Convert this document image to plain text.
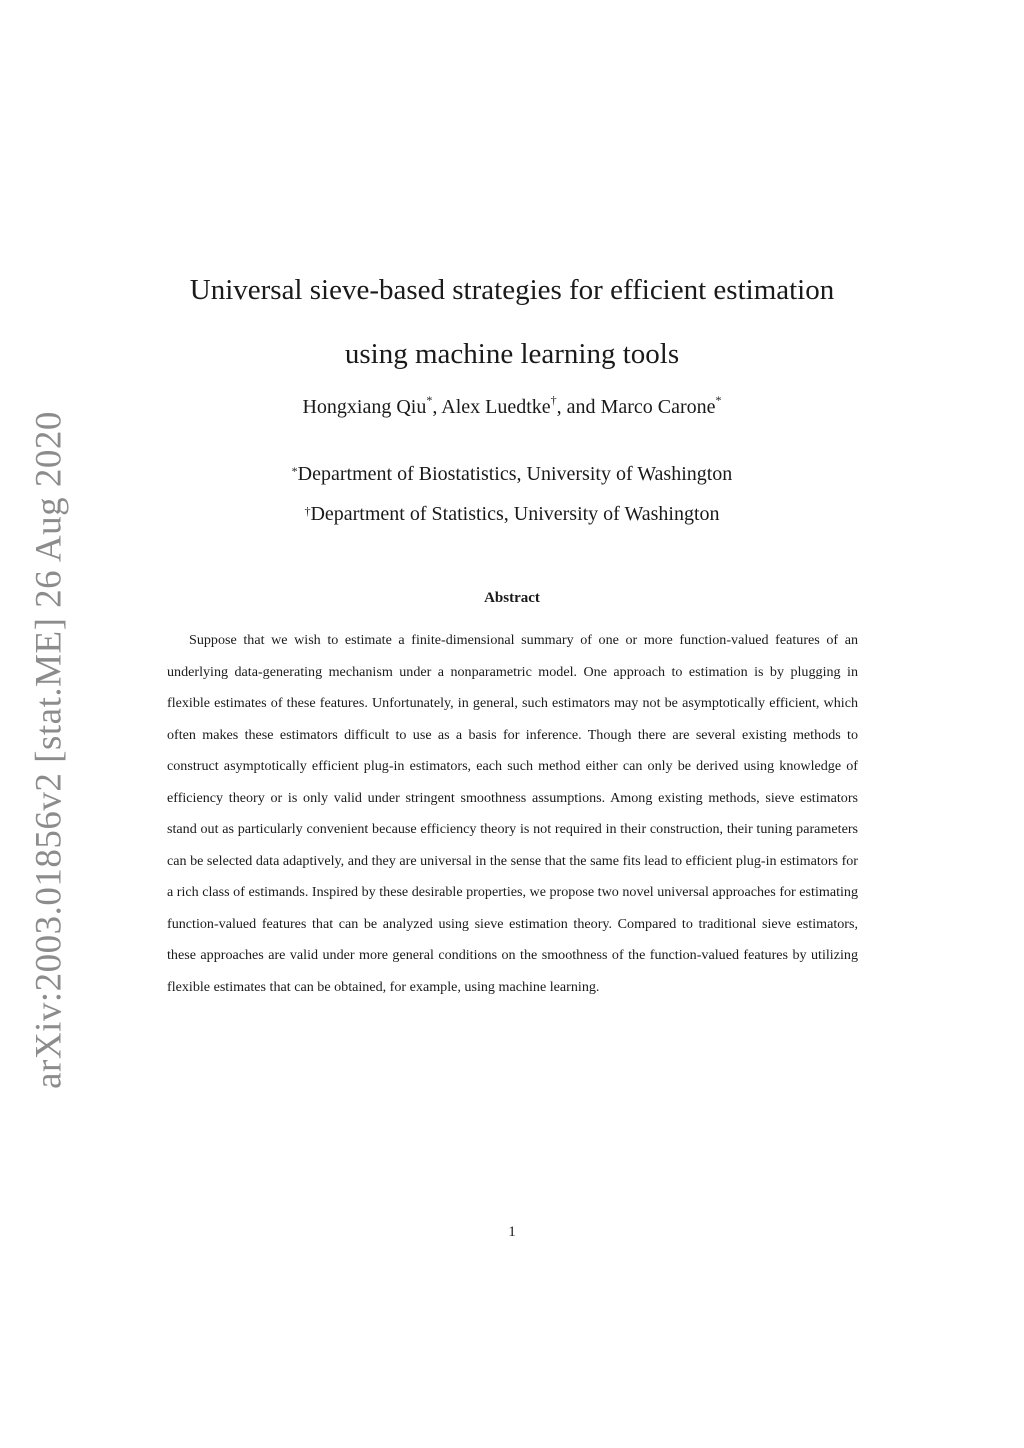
arXiv:2003.01856v2 [stat.ME] 26 Aug 2020
Universal sieve-based strategies for efficient estimation
using machine learning tools
Hongxiang Qiu*, Alex Luedtke†, and Marco Carone*
*Department of Biostatistics, University of Washington
†Department of Statistics, University of Washington
Abstract

Suppose that we wish to estimate a finite-dimensional summary of one or more function-valued features of an underlying data-generating mechanism under a nonparametric model. One approach to estimation is by plugging in flexible estimates of these features. Unfortunately, in general, such estimators may not be asymptotically efficient, which often makes these estimators difficult to use as a basis for inference. Though there are several existing methods to construct asymptotically efficient plug-in estimators, each such method either can only be derived using knowledge of efficiency theory or is only valid under stringent smoothness assumptions. Among existing methods, sieve estimators stand out as particularly convenient because efficiency theory is not required in their construction, their tuning parameters can be selected data adaptively, and they are universal in the sense that the same fits lead to efficient plug-in estimators for a rich class of estimands. Inspired by these desirable properties, we propose two novel universal approaches for estimating function-valued features that can be analyzed using sieve estimation theory. Compared to traditional sieve estimators, these approaches are valid under more general conditions on the smoothness of the function-valued features by utilizing flexible estimates that can be obtained, for example, using machine learning.

1
